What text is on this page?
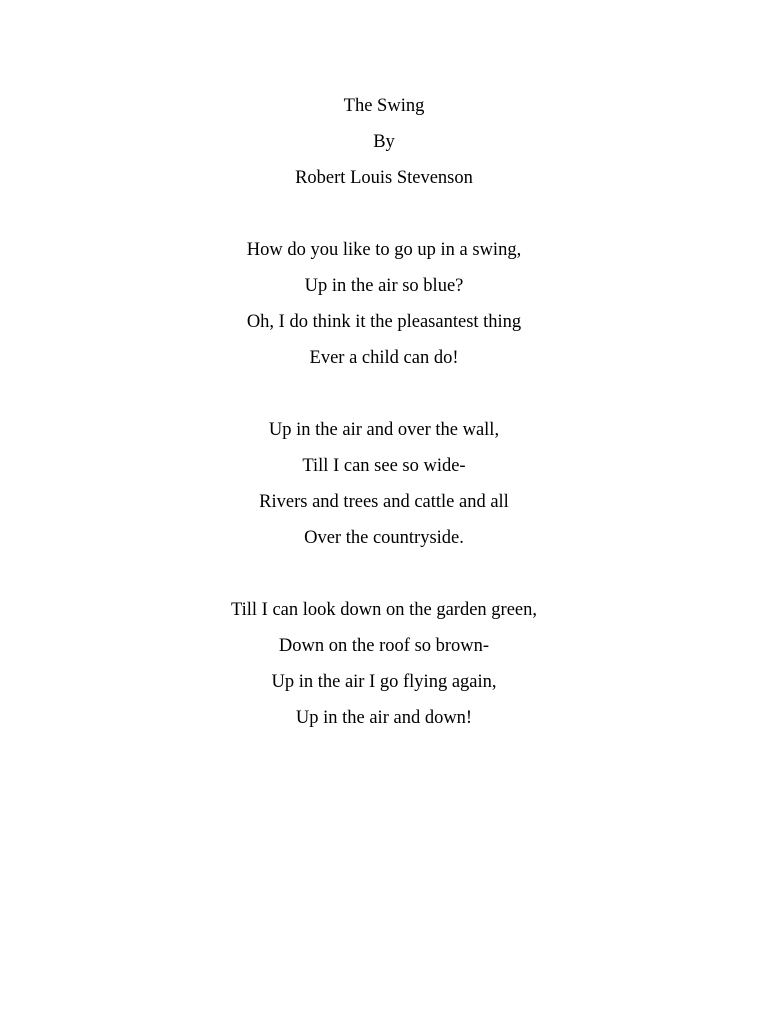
The Swing
By
Robert Louis Stevenson
How do you like to go up in a swing,
Up in the air so blue?
Oh, I do think it the pleasantest thing
Ever a child can do!
Up in the air and over the wall,
Till I can see so wide-
Rivers and trees and cattle and all
Over the countryside.
Till I can look down on the garden green,
Down on the roof so brown-
Up in the air I go flying again,
Up in the air and down!
